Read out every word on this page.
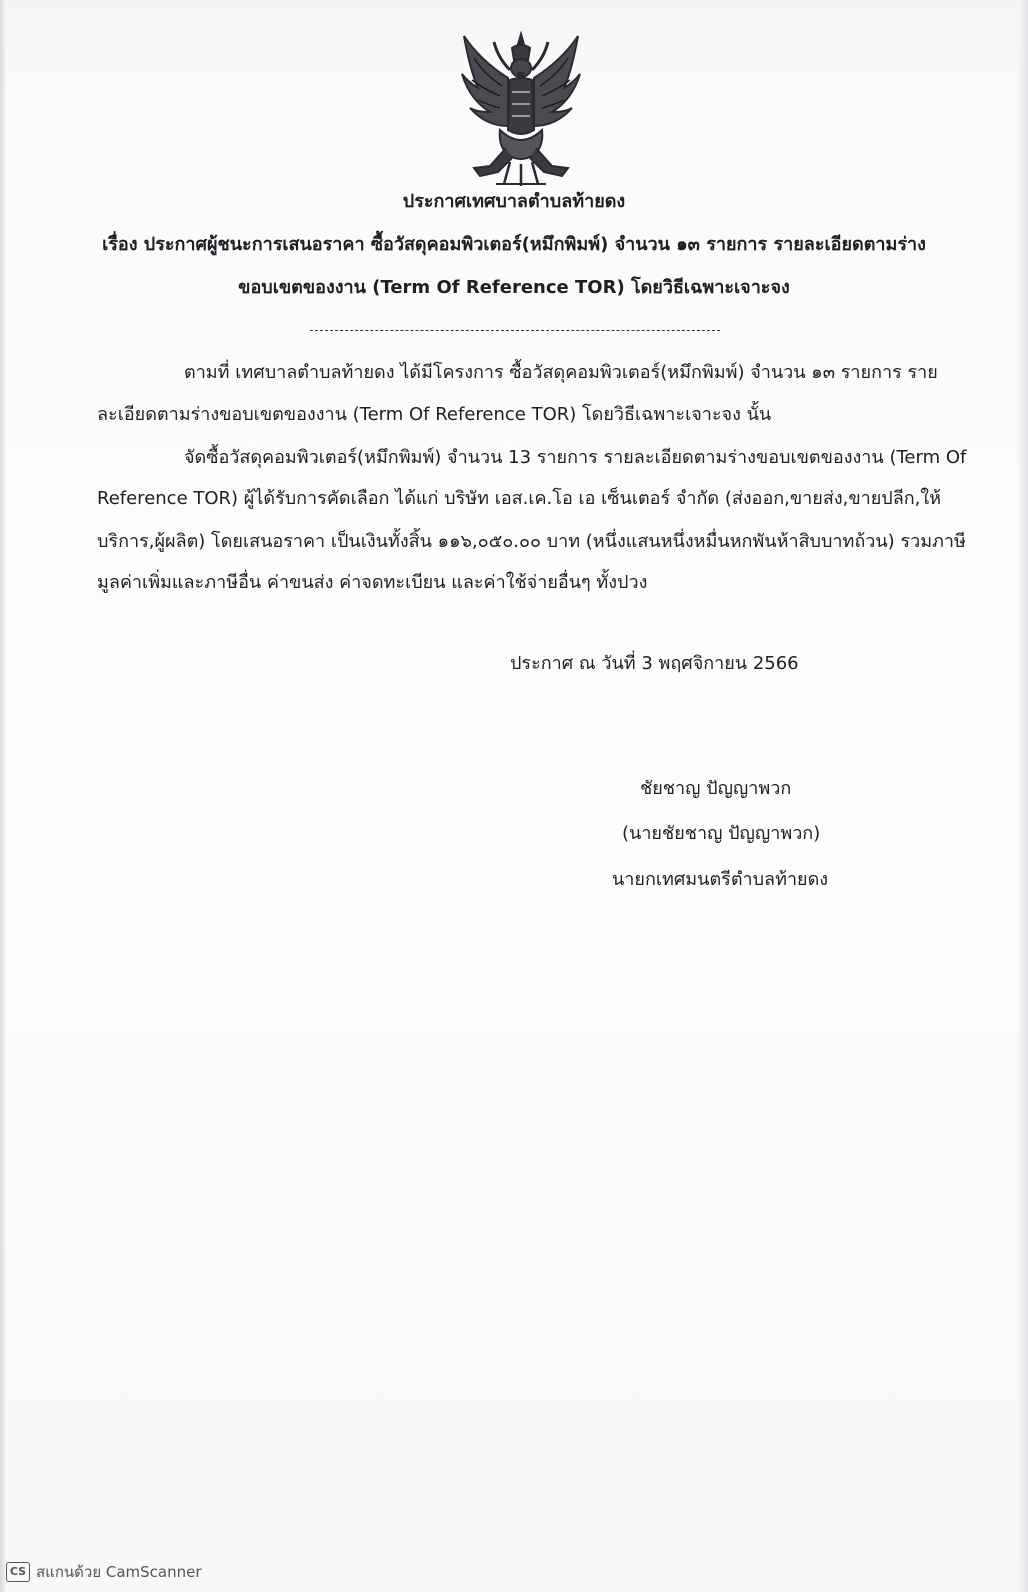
ประกาศเทศบาลตำบลท้ายดง
เรื่อง ประกาศผู้ชนะการเสนอราคา ซื้อวัสดุคอมพิวเตอร์(หมึกพิมพ์) จำนวน ๑๓ รายการ รายละเอียดตามร่าง
ขอบเขตของงาน (Term Of Reference TOR) โดยวิธีเฉพาะเจาะจง
ตามที่ เทศบาลตำบลท้ายดง ได้มีโครงการ ซื้อวัสดุคอมพิวเตอร์(หมึกพิมพ์) จำนวน ๑๓ รายการ ราย
ละเอียดตามร่างขอบเขตของงาน (Term Of Reference TOR) โดยวิธีเฉพาะเจาะจง นั้น
จัดซื้อวัสดุคอมพิวเตอร์(หมึกพิมพ์) จำนวน 13 รายการ รายละเอียดตามร่างขอบเขตของงาน (Term Of
Reference TOR) ผู้ได้รับการคัดเลือก ได้แก่ บริษัท เอส.เค.โอ เอ เซ็นเตอร์ จำกัด (ส่งออก,ขายส่ง,ขายปลีก,ให้
บริการ,ผู้ผลิต) โดยเสนอราคา เป็นเงินทั้งสิ้น ๑๑๖,๐๕๐.๐๐ บาท (หนึ่งแสนหนึ่งหมื่นหกพันห้าสิบบาทถ้วน) รวมภาษี
มูลค่าเพิ่มและภาษีอื่น ค่าขนส่ง ค่าจดทะเบียน และค่าใช้จ่ายอื่นๆ ทั้งปวง
ประกาศ ณ วันที่ 3 พฤศจิกายน 2566
ชัยชาญ ปัญญาพวก
(นายชัยชาญ ปัญญาพวก)
นายกเทศมนตรีตำบลท้ายดง
CS สแกนด้วย CamScanner
